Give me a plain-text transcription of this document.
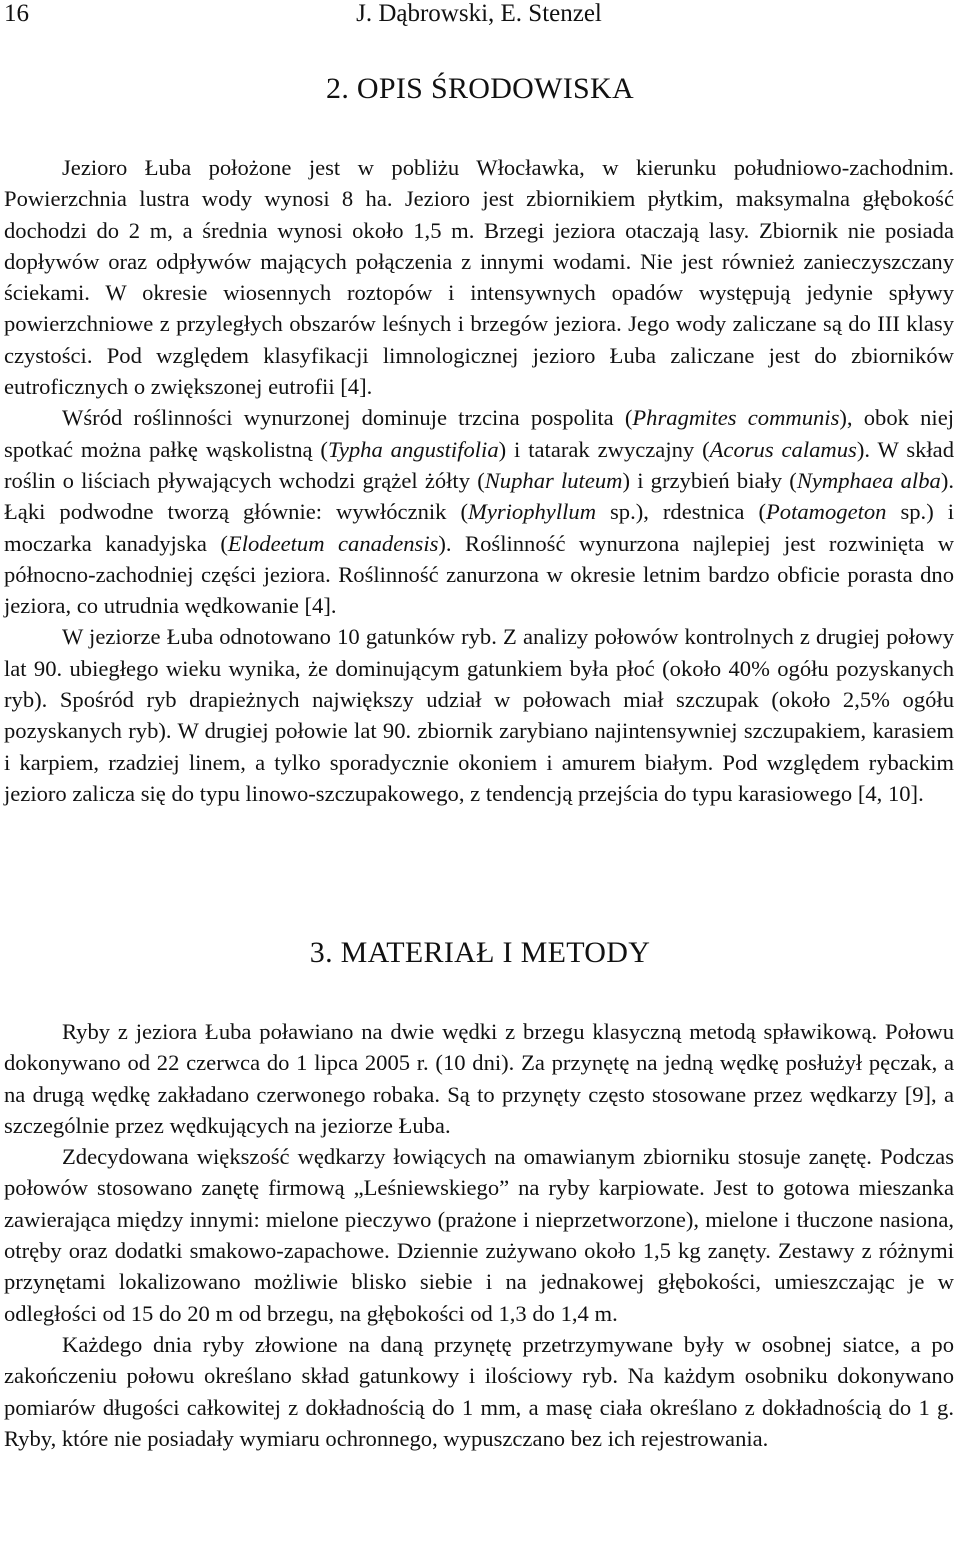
16	J. Dąbrowski, E. Stenzel
2. OPIS ŚRODOWISKA

Jezioro Łuba położone jest w pobliżu Włocławka, w kierunku południowo-zachodnim. Powierzchnia lustra wody wynosi 8 ha. Jezioro jest zbiornikiem płytkim, maksymalna głębokość dochodzi do 2 m, a średnia wynosi około 1,5 m. Brzegi jeziora otaczają lasy. Zbiornik nie posiada dopływów oraz odpływów mających połączenia z innymi wodami. Nie jest również zanieczyszczany ściekami. W okresie wiosennych roztopów i intensywnych opadów występują jedynie spływy powierzchniowe z przyległych obszarów leśnych i brzegów jeziora. Jego wody zaliczane są do III klasy czystości. Pod względem klasyfikacji limnologicznej jezioro Łuba zaliczane jest do zbiorników eutroficznych o zwiększonej eutrofii [4].

Wśród roślinności wynurzonej dominuje trzcina pospolita (Phragmites communis), obok niej spotkać można pałkę wąskolistną (Typha angustifolia) i tatarak zwyczajny (Acorus calamus). W skład roślin o liściach pływających wchodzi grążel żółty (Nuphar luteum) i grzybień biały (Nymphaea alba). Łąki podwodne tworzą głównie: wywłócznik (Myriophyllum sp.), rdestnica (Potamogeton sp.) i moczarka kanadyjska (Elodeetum canadensis). Roślinność wynurzona najlepiej jest rozwinięta w północno-zachodniej części jeziora. Roślinność zanurzona w okresie letnim bardzo obficie porasta dno jeziora, co utrudnia wędkowanie [4].

W jeziorze Łuba odnotowano 10 gatunków ryb. Z analizy połowów kontrolnych z drugiej połowy lat 90. ubiegłego wieku wynika, że dominującym gatunkiem była płoć (około 40% ogółu pozyskanych ryb). Spośród ryb drapieżnych największy udział w połowach miał szczupak (około 2,5% ogółu pozyskanych ryb). W drugiej połowie lat 90. zbiornik zarybiano najintensywniej szczupakiem, karasiem i karpiem, rzadziej linem, a tylko sporadycznie okoniem i amurem białym. Pod względem rybackim jezioro zalicza się do typu linowo-szczupakowego, z tendencją przejścia do typu karasiowego [4, 10].

3. MATERIAŁ I METODY

Ryby z jeziora Łuba poławiano na dwie wędki z brzegu klasyczną metodą spławikową. Połowu dokonywano od 22 czerwca do 1 lipca 2005 r. (10 dni). Za przynętę na jedną wędkę posłużył pęczak, a na drugą wędkę zakładano czerwonego robaka. Są to przynęty często stosowane przez wędkarzy [9], a szczególnie przez wędkujących na jeziorze Łuba.

Zdecydowana większość wędkarzy łowiących na omawianym zbiorniku stosuje zanętę. Podczas połowów stosowano zanętę firmową „Leśniewskiego” na ryby karpiowate. Jest to gotowa mieszanka zawierająca między innymi: mielone pieczywo (prażone i nieprzetworzone), mielone i tłuczone nasiona, otręby oraz dodatki smakowo-zapachowe. Dziennie zużywano około 1,5 kg zanęty. Zestawy z różnymi przynętami lokalizowano możliwie blisko siebie i na jednakowej głębokości, umieszczając je w odległości od 15 do 20 m od brzegu, na głębokości od 1,3 do 1,4 m.

Każdego dnia ryby złowione na daną przynętę przetrzymywane były w osobnej siatce, a po zakończeniu połowu określano skład gatunkowy i ilościowy ryb. Na każdym osobniku dokonywano pomiarów długości całkowitej z dokładnością do 1 mm, a masę ciała określano z dokładnością do 1 g. Ryby, które nie posiadały wymiaru ochronnego, wypuszczano bez ich rejestrowania.
